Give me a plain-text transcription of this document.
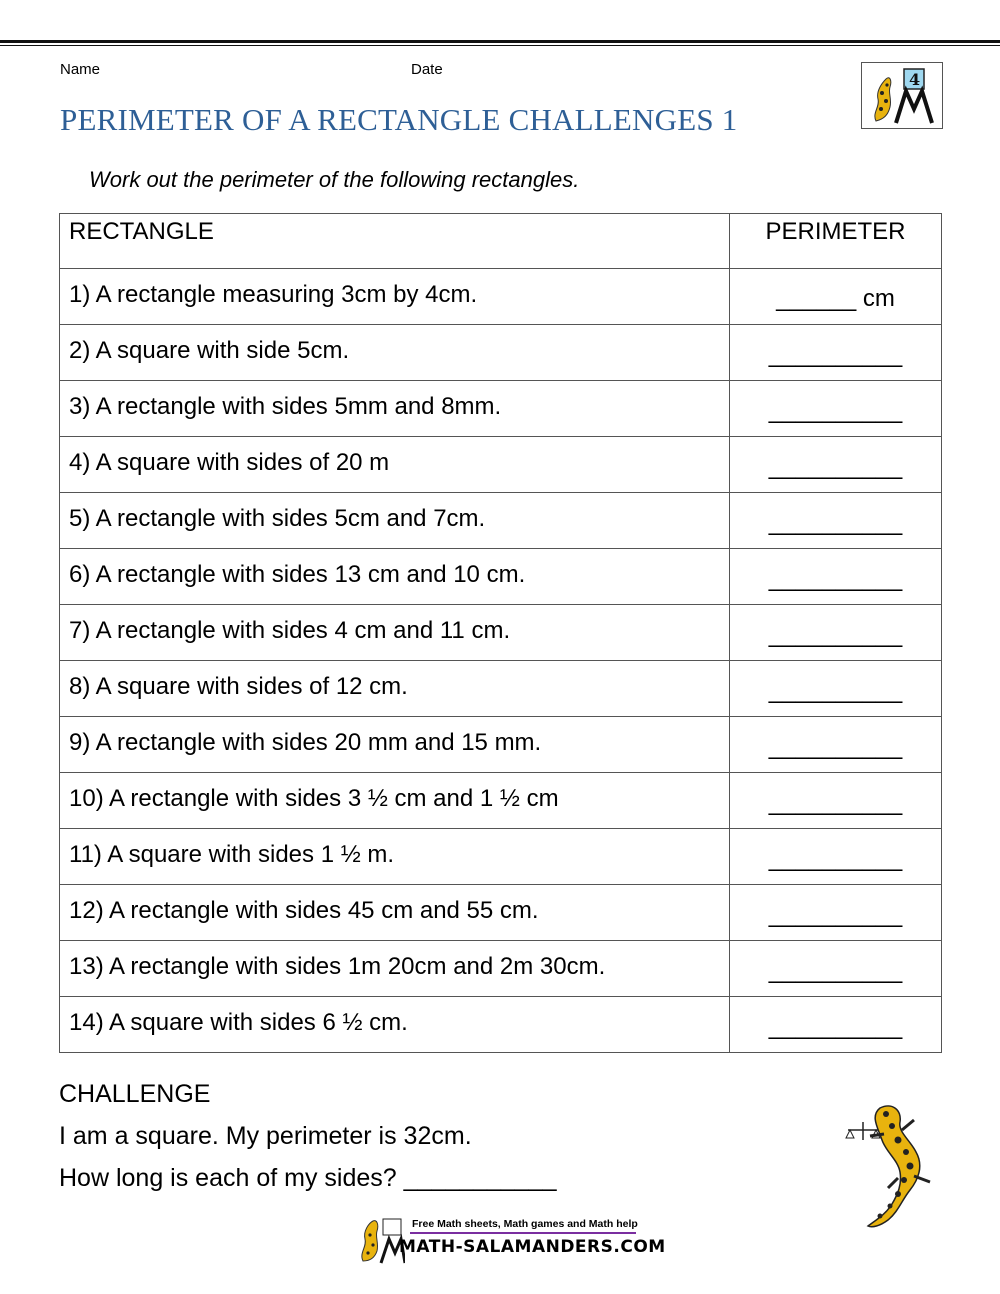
Name	Date
4
PERIMETER OF A RECTANGLE CHALLENGES 1
Work out the perimeter of the following rectangles.
RECTANGLE	PERIMETER
1) A rectangle measuring 3cm by 4cm.	______ cm
2) A square with side 5cm.	__________
3) A rectangle with sides 5mm and 8mm.	__________
4) A square with sides of 20 m	__________
5) A rectangle with sides 5cm and 7cm.	__________
6) A rectangle with sides 13 cm and 10 cm.	__________
7) A rectangle with sides 4 cm and 11 cm.	__________
8) A square with sides of 12 cm.	__________
9) A rectangle with sides 20 mm and 15 mm.	__________
10) A rectangle with sides 3 ½ cm and 1 ½ cm	__________
11) A square with sides 1 ½ m.	__________
12) A rectangle with sides 45 cm and 55 cm.	__________
13) A rectangle with sides 1m 20cm and 2m 30cm.	__________
14) A square with sides 6 ½ cm.	__________
CHALLENGE
I am a square. My perimeter is 32cm.
How long is each of my sides? ___________
Free Math sheets, Math games and Math help
MATH-SALAMANDERS.COM
